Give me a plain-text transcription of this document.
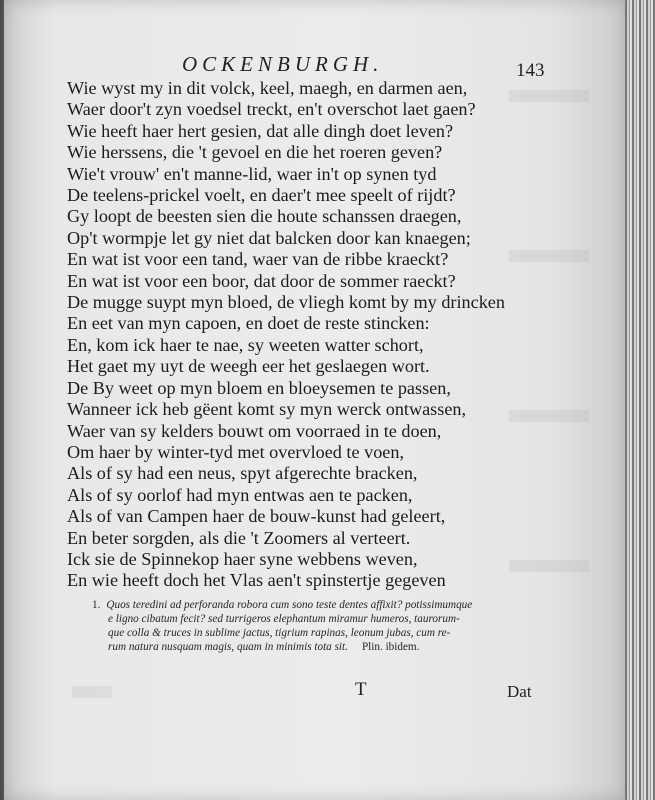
OCKENBURGH.	143
Wie wyst my in dit volck, keel, maegh, en darmen aen,
Waer door't zyn voedsel treckt, en't overschot laet gaen?
Wie heeft haer hert gesien, dat alle dingh doet leven?
Wie herssens, die 't gevoel en die het roeren geven?
Wie't vrouw' en't manne-lid, waer in't op synen tyd
De teelens-prickel voelt, en daer't mee speelt of rijdt?
Gy loopt de beesten sien die houte schanssen draegen,
Op't wormpje let gy niet dat balcken door kan knaegen;
En wat ist voor een tand, waer van de ribbe kraeckt?
En wat ist voor een boor, dat door de sommer raeckt?
De mugge suypt myn bloed, de vliegh komt by my drincken
En eet van myn capoen, en doet de reste stincken:
En, kom ick haer te nae, sy weeten watter schort,
Het gaet my uyt de weegh eer het geslaegen wort.
De By weet op myn bloem en bloeysemen te passen,
Wanneer ick heb gëent komt sy myn werck ontwassen,
Waer van sy kelders bouwt om voorraed in te doen,
Om haer by winter-tyd met overvloed te voen,
Als of sy had een neus, spyt afgerechte bracken,
Als of sy oorlof had myn entwas aen te packen,
Als of van Campen haer de bouw-kunst had geleert,
En beter sorgden, als die 't Zoomers al verteert.
Ick sie de Spinnekop haer syne webbens weven,
En wie heeft doch het Vlas aen't spinstertje gegeven
1. Quos teredini ad perforanda robora cum sono teste dentes affixit? potissimumque
e ligno cibatum fecit? sed turrigeros elephantum miramur humeros, taurorum-
que colla & truces in sublime jactus, tigrium rapinas, leonum jubas, cum re-
rum natura nusquam magis, quam in minimis tota sit. Plin. ibidem.
T	Dat
